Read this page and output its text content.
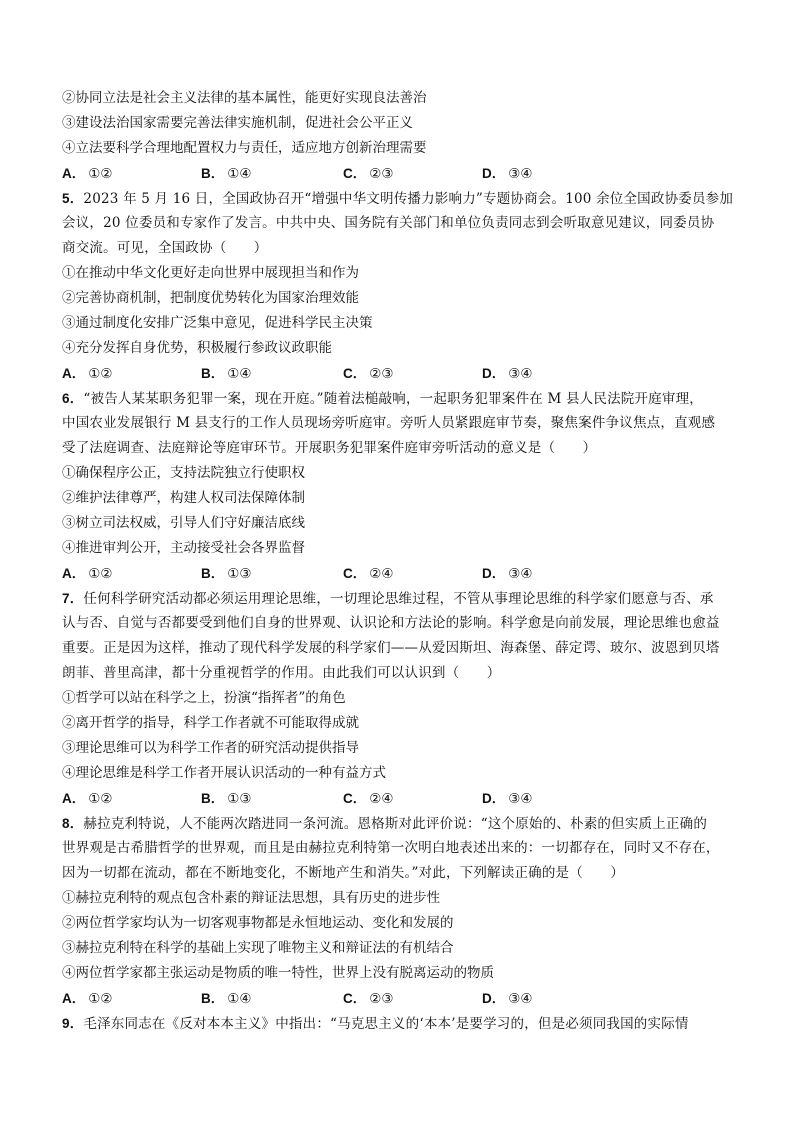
②协同立法是社会主义法律的基本属性，能更好实现良法善治
③建设法治国家需要完善法律实施机制，促进社会公平正义
④立法要科学合理地配置权力与责任，适应地方创新治理需要
A． ①②	B． ①④	C． ②③	D． ③④
5．2023 年 5 月 16 日，全国政协召开“增强中华文明传播力影响力”专题协商会。100 余位全国政协委员参加
会议，20 位委员和专家作了发言。中共中央、国务院有关部门和单位负责同志到会听取意见建议，同委员协
商交流。可见，全国政协（　　）
①在推动中华文化更好走向世界中展现担当和作为
②完善协商机制，把制度优势转化为国家治理效能
③通过制度化安排广泛集中意见，促进科学民主决策
④充分发挥自身优势，积极履行参政议政职能
A． ①②	B． ①④	C． ②③	D． ③④
6．“被告人某某职务犯罪一案，现在开庭。”随着法槌敲响，一起职务犯罪案件在 M 县人民法院开庭审理，
中国农业发展银行 M 县支行的工作人员现场旁听庭审。旁听人员紧跟庭审节奏，聚焦案件争议焦点，直观感
受了法庭调查、法庭辩论等庭审环节。开展职务犯罪案件庭审旁听活动的意义是（　　）
①确保程序公正，支持法院独立行使职权
②维护法律尊严，构建人权司法保障体制
③树立司法权威，引导人们守好廉洁底线
④推进审判公开，主动接受社会各界监督
A． ①②	B． ①③	C． ②④	D． ③④
7．任何科学研究活动都必须运用理论思维，一切理论思维过程，不管从事理论思维的科学家们愿意与否、承
认与否、自觉与否都要受到他们自身的世界观、认识论和方法论的影响。科学愈是向前发展，理论思维也愈益
重要。正是因为这样，推动了现代科学发展的科学家们——从爱因斯坦、海森堡、薛定谔、玻尔、波恩到贝塔
朗菲、普里高津，都十分重视哲学的作用。由此我们可以认识到（　　）
①哲学可以站在科学之上，扮演“指挥者”的角色
②离开哲学的指导，科学工作者就不可能取得成就
③理论思维可以为科学工作者的研究活动提供指导
④理论思维是科学工作者开展认识活动的一种有益方式
A． ①②	B． ①③	C． ②④	D． ③④
8．赫拉克利特说，人不能两次踏进同一条河流。恩格斯对此评价说：“这个原始的、朴素的但实质上正确的
世界观是古希腊哲学的世界观，而且是由赫拉克利特第一次明白地表述出来的：一切都存在，同时又不存在，
因为一切都在流动，都在不断地变化，不断地产生和消失。”对此，下列解读正确的是（　　）
①赫拉克利特的观点包含朴素的辩证法思想，具有历史的进步性
②两位哲学家均认为一切客观事物都是永恒地运动、变化和发展的
③赫拉克利特在科学的基础上实现了唯物主义和辩证法的有机结合
④两位哲学家都主张运动是物质的唯一特性，世界上没有脱离运动的物质
A． ①②	B． ①④	C． ②③	D． ③④
9．毛泽东同志在《反对本本主义》中指出：“马克思主义的‘本本’是要学习的，但是必须同我国的实际情
